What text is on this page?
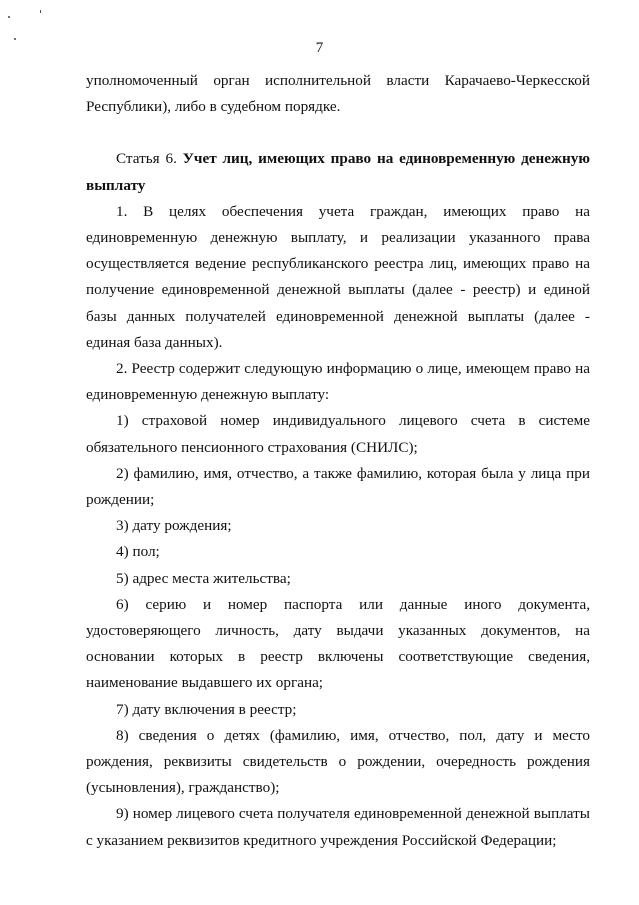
7

уполномоченный орган исполнительной власти Карачаево-Черкесской Республики), либо в судебном порядке.

Статья 6. Учет лиц, имеющих право на единовременную денежную выплату

1. В целях обеспечения учета граждан, имеющих право на единовременную денежную выплату, и реализации указанного права осуществляется ведение республиканского реестра лиц, имеющих право на получение единовременной денежной выплаты (далее - реестр) и единой базы данных получателей единовременной денежной выплаты (далее - единая база данных).

2. Реестр содержит следующую информацию о лице, имеющем право на единовременную денежную выплату:

1) страховой номер индивидуального лицевого счета в системе обязательного пенсионного страхования (СНИЛС);

2) фамилию, имя, отчество, а также фамилию, которая была у лица при рождении;

3) дату рождения;

4) пол;

5) адрес места жительства;

6) серию и номер паспорта или данные иного документа, удостоверяющего личность, дату выдачи указанных документов, на основании которых в реестр включены соответствующие сведения, наименование выдавшего их органа;

7) дату включения в реестр;

8) сведения о детях (фамилию, имя, отчество, пол, дату и место рождения, реквизиты свидетельств о рождении, очередность рождения (усыновления), гражданство);

9) номер лицевого счета получателя единовременной денежной выплаты с указанием реквизитов кредитного учреждения Российской Федерации;
